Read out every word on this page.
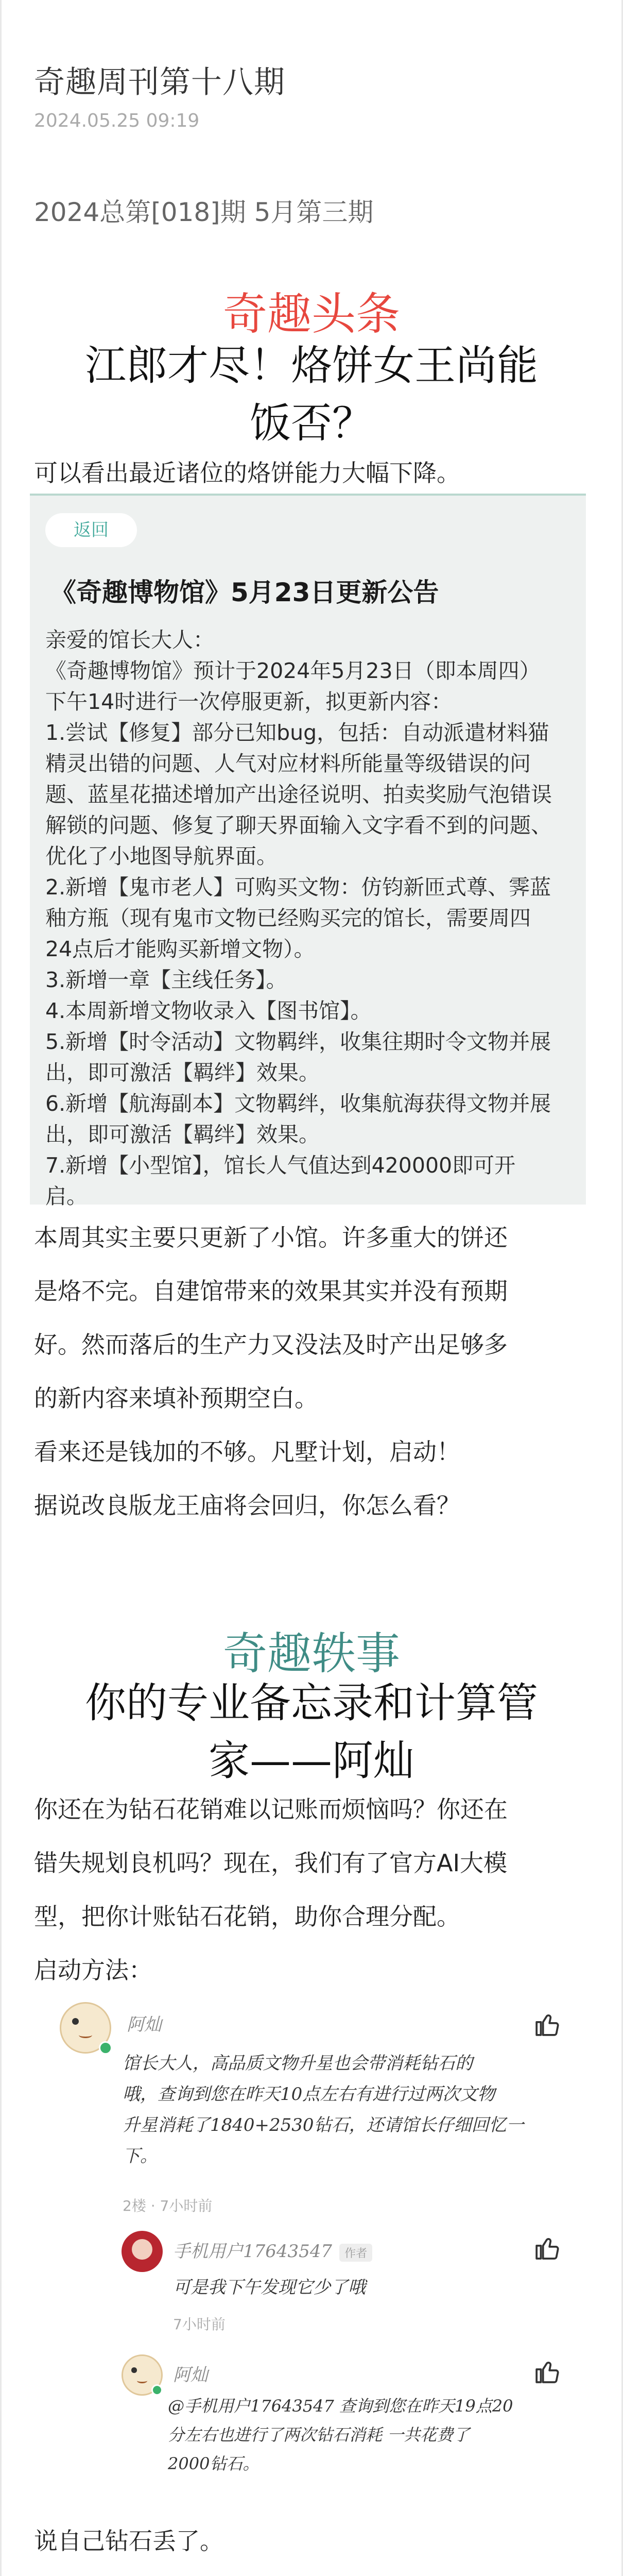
奇趣周刊第十八期
2024.05.25 09:19
2024总第[018]期 5月第三期
奇趣头条
江郎才尽！烙饼女王尚能
饭否？
可以看出最近诸位的烙饼能力大幅下降。
返回
《奇趣博物馆》5月23日更新公告
亲爱的馆长大人：
《奇趣博物馆》预计于2024年5月23日（即本周四）
下午14时进行一次停服更新，拟更新内容：
1.尝试【修复】部分已知bug，包括：自动派遣材料猫
精灵出错的问题、人气对应材料所能量等级错误的问
题、蓝星花描述增加产出途径说明、拍卖奖励气泡错误
解锁的问题、修复了聊天界面输入文字看不到的问题、
优化了小地图导航界面。
2.新增【鬼市老人】可购买文物：仿钧新匝式尊、霁蓝
釉方瓶（现有鬼市文物已经购买完的馆长，需要周四
24点后才能购买新增文物）。
3.新增一章【主线任务】。
4.本周新增文物收录入【图书馆】。
5.新增【时令活动】文物羁绊，收集往期时令文物并展
出，即可激活【羁绊】效果。
6.新增【航海副本】文物羁绊，收集航海获得文物并展
出，即可激活【羁绊】效果。
7.新增【小型馆】，馆长人气值达到420000即可开
启。
本周其实主要只更新了小馆。许多重大的饼还
是烙不完。自建馆带来的效果其实并没有预期
好。然而落后的生产力又没法及时产出足够多
的新内容来填补预期空白。
看来还是钱加的不够。凡墅计划，启动！
据说改良版龙王庙将会回归，你怎么看？
奇趣轶事
你的专业备忘录和计算管
家——阿灿
你还在为钻石花销难以记账而烦恼吗？你还在
错失规划良机吗？现在，我们有了官方AI大模
型，把你计账钻石花销，助你合理分配。
启动方法：
阿灿
馆长大人，高品质文物升星也会带消耗钻石的
哦，查询到您在昨天10点左右有进行过两次文物
升星消耗了1840+2530钻石，还请馆长仔细回忆一
下。
2楼 · 7小时前
手机用户17643547 作者
可是我下午发现它少了哦
7小时前
阿灿
@手机用户17643547 查询到您在昨天19点20
分左右也进行了两次钻石消耗 一共花费了
2000钻石。
说自己钻石丢了。
